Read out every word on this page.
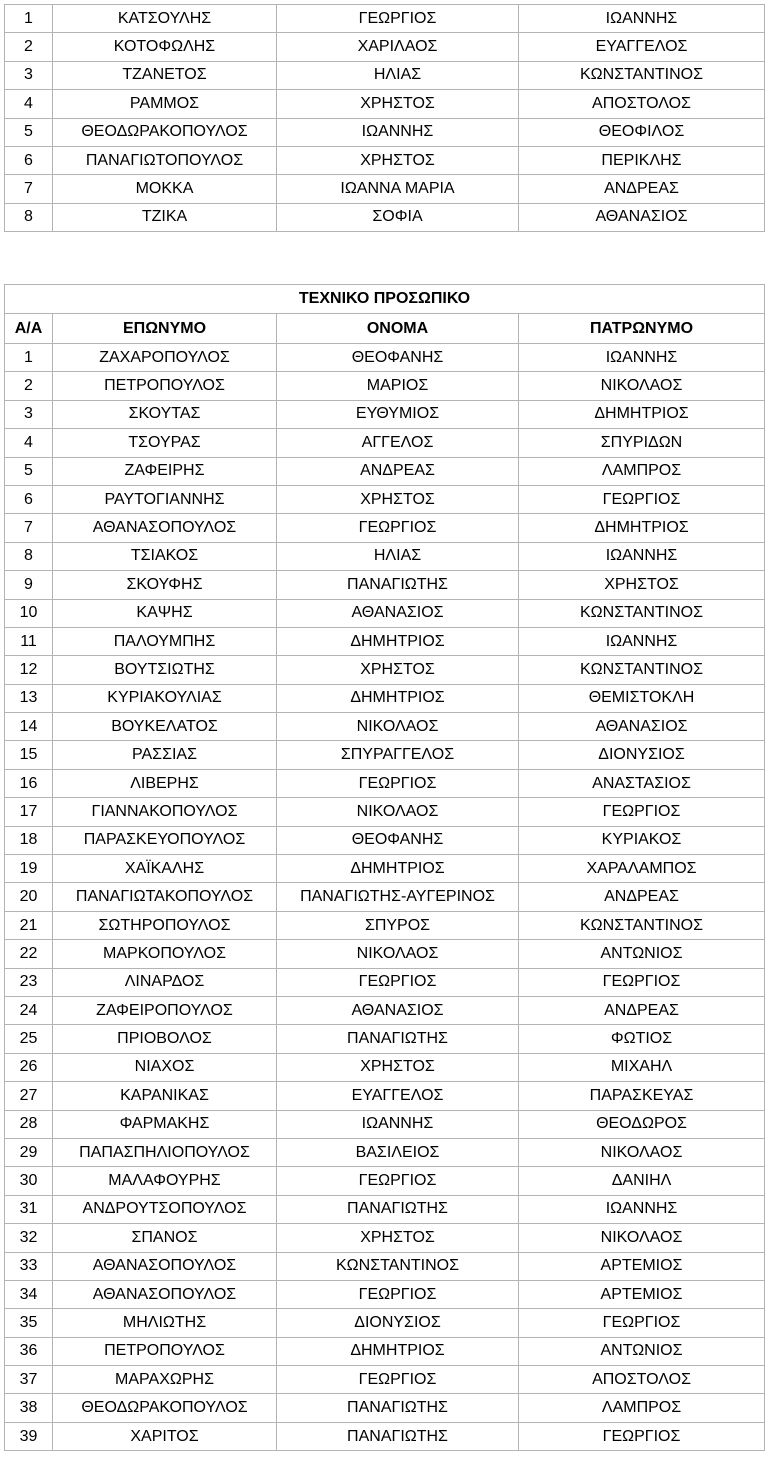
1	ΚΑΤΣΟΥΛΗΣ	ΓΕΩΡΓΙΟΣ	ΙΩΑΝΝΗΣ
2	ΚΟΤΟΦΩΛΗΣ	ΧΑΡΙΛΑΟΣ	ΕΥΑΓΓΕΛΟΣ
3	ΤΖΑΝΕΤΟΣ	ΗΛΙΑΣ	ΚΩΝΣΤΑΝΤΙΝΟΣ
4	ΡΑΜΜΟΣ	ΧΡΗΣΤΟΣ	ΑΠΟΣΤΟΛΟΣ
5	ΘΕΟΔΩΡΑΚΟΠΟΥΛΟΣ	ΙΩΑΝΝΗΣ	ΘΕΟΦΙΛΟΣ
6	ΠΑΝΑΓΙΩΤΟΠΟΥΛΟΣ	ΧΡΗΣΤΟΣ	ΠΕΡΙΚΛΗΣ
7	ΜΟΚΚΑ	ΙΩΑΝΝΑ ΜΑΡΙΑ	ΑΝΔΡΕΑΣ
8	ΤΖΙΚΑ	ΣΟΦΙΑ	ΑΘΑΝΑΣΙΟΣ
ΤΕΧΝΙΚΟ ΠΡΟΣΩΠΙΚΟ			
Α/Α	ΕΠΩΝΥΜΟ	ΟΝΟΜΑ	ΠΑΤΡΩΝΥΜΟ
1	ΖΑΧΑΡΟΠΟΥΛΟΣ	ΘΕΟΦΑΝΗΣ	ΙΩΑΝΝΗΣ
2	ΠΕΤΡΟΠΟΥΛΟΣ	ΜΑΡΙΟΣ	ΝΙΚΟΛΑΟΣ
3	ΣΚΟΥΤΑΣ	ΕΥΘΥΜΙΟΣ	ΔΗΜΗΤΡΙΟΣ
4	ΤΣΟΥΡΑΣ	ΑΓΓΕΛΟΣ	ΣΠΥΡΙΔΩΝ
5	ΖΑΦΕΙΡΗΣ	ΑΝΔΡΕΑΣ	ΛΑΜΠΡΟΣ
6	ΡΑΥΤΟΓΙΑΝΝΗΣ	ΧΡΗΣΤΟΣ	ΓΕΩΡΓΙΟΣ
7	ΑΘΑΝΑΣΟΠΟΥΛΟΣ	ΓΕΩΡΓΙΟΣ	ΔΗΜΗΤΡΙΟΣ
8	ΤΣΙΑΚΟΣ	ΗΛΙΑΣ	ΙΩΑΝΝΗΣ
9	ΣΚΟΥΦΗΣ	ΠΑΝΑΓΙΩΤΗΣ	ΧΡΗΣΤΟΣ
10	ΚΑΨΗΣ	ΑΘΑΝΑΣΙΟΣ	ΚΩΝΣΤΑΝΤΙΝΟΣ
11	ΠΑΛΟΥΜΠΗΣ	ΔΗΜΗΤΡΙΟΣ	ΙΩΑΝΝΗΣ
12	ΒΟΥΤΣΙΩΤΗΣ	ΧΡΗΣΤΟΣ	ΚΩΝΣΤΑΝΤΙΝΟΣ
13	ΚΥΡΙΑΚΟΥΛΙΑΣ	ΔΗΜΗΤΡΙΟΣ	ΘΕΜΙΣΤΟΚΛΗ
14	ΒΟΥΚΕΛΑΤΟΣ	ΝΙΚΟΛΑΟΣ	ΑΘΑΝΑΣΙΟΣ
15	ΡΑΣΣΙΑΣ	ΣΠΥΡΑΓΓΕΛΟΣ	ΔΙΟΝΥΣΙΟΣ
16	ΛΙΒΕΡΗΣ	ΓΕΩΡΓΙΟΣ	ΑΝΑΣΤΑΣΙΟΣ
17	ΓΙΑΝΝΑΚΟΠΟΥΛΟΣ	ΝΙΚΟΛΑΟΣ	ΓΕΩΡΓΙΟΣ
18	ΠΑΡΑΣΚΕΥΟΠΟΥΛΟΣ	ΘΕΟΦΑΝΗΣ	ΚΥΡΙΑΚΟΣ
19	ΧΑΪΚΑΛΗΣ	ΔΗΜΗΤΡΙΟΣ	ΧΑΡΑΛΑΜΠΟΣ
20	ΠΑΝΑΓΙΩΤΑΚΟΠΟΥΛΟΣ	ΠΑΝΑΓΙΩΤΗΣ-ΑΥΓΕΡΙΝΟΣ	ΑΝΔΡΕΑΣ
21	ΣΩΤΗΡΟΠΟΥΛΟΣ	ΣΠΥΡΟΣ	ΚΩΝΣΤΑΝΤΙΝΟΣ
22	ΜΑΡΚΟΠΟΥΛΟΣ	ΝΙΚΟΛΑΟΣ	ΑΝΤΩΝΙΟΣ
23	ΛΙΝΑΡΔΟΣ	ΓΕΩΡΓΙΟΣ	ΓΕΩΡΓΙΟΣ
24	ΖΑΦΕΙΡΟΠΟΥΛΟΣ	ΑΘΑΝΑΣΙΟΣ	ΑΝΔΡΕΑΣ
25	ΠΡΙΟΒΟΛΟΣ	ΠΑΝΑΓΙΩΤΗΣ	ΦΩΤΙΟΣ
26	ΝΙΑΧΟΣ	ΧΡΗΣΤΟΣ	ΜΙΧΑΗΛ
27	ΚΑΡΑΝΙΚΑΣ	ΕΥΑΓΓΕΛΟΣ	ΠΑΡΑΣΚΕΥΑΣ
28	ΦΑΡΜΑΚΗΣ	ΙΩΑΝΝΗΣ	ΘΕΟΔΩΡΟΣ
29	ΠΑΠΑΣΠΗΛΙΟΠΟΥΛΟΣ	ΒΑΣΙΛΕΙΟΣ	ΝΙΚΟΛΑΟΣ
30	ΜΑΛΑΦΟΥΡΗΣ	ΓΕΩΡΓΙΟΣ	ΔΑΝΙΗΛ
31	ΑΝΔΡΟΥΤΣΟΠΟΥΛΟΣ	ΠΑΝΑΓΙΩΤΗΣ	ΙΩΑΝΝΗΣ
32	ΣΠΑΝΟΣ	ΧΡΗΣΤΟΣ	ΝΙΚΟΛΑΟΣ
33	ΑΘΑΝΑΣΟΠΟΥΛΟΣ	ΚΩΝΣΤΑΝΤΙΝΟΣ	ΑΡΤΕΜΙΟΣ
34	ΑΘΑΝΑΣΟΠΟΥΛΟΣ	ΓΕΩΡΓΙΟΣ	ΑΡΤΕΜΙΟΣ
35	ΜΗΛΙΩΤΗΣ	ΔΙΟΝΥΣΙΟΣ	ΓΕΩΡΓΙΟΣ
36	ΠΕΤΡΟΠΟΥΛΟΣ	ΔΗΜΗΤΡΙΟΣ	ΑΝΤΩΝΙΟΣ
37	ΜΑΡΑΧΩΡΗΣ	ΓΕΩΡΓΙΟΣ	ΑΠΟΣΤΟΛΟΣ
38	ΘΕΟΔΩΡΑΚΟΠΟΥΛΟΣ	ΠΑΝΑΓΙΩΤΗΣ	ΛΑΜΠΡΟΣ
39	ΧΑΡΙΤΟΣ	ΠΑΝΑΓΙΩΤΗΣ	ΓΕΩΡΓΙΟΣ
